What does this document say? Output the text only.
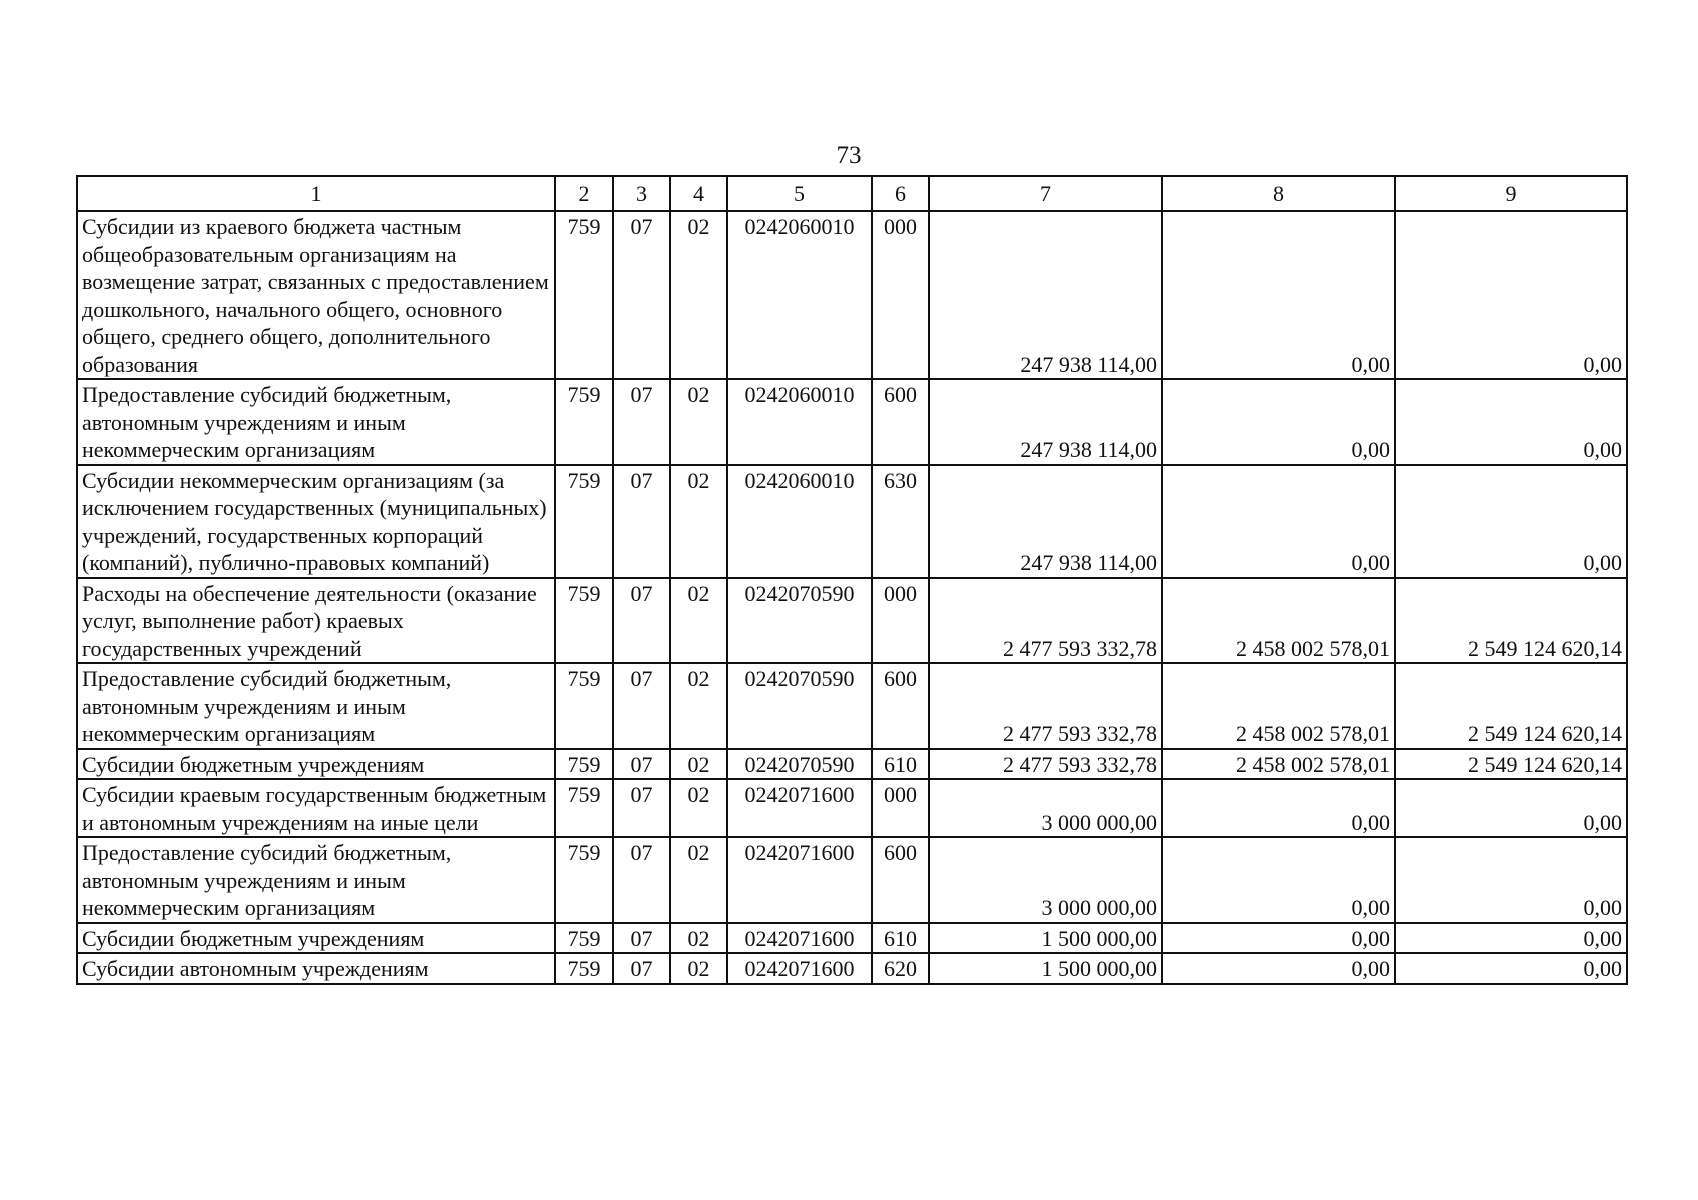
73
1	2	3	4	5	6	7	8	9
Субсидии из краевого бюджета частным общеобразовательным организациям на возмещение затрат, связанных с предоставлением дошкольного, начального общего, основного общего, среднего общего, дополнительного образования	759	07	02	0242060010	000	247 938 114,00	0,00	0,00
Предоставление субсидий бюджетным, автономным учреждениям и иным некоммерческим организациям	759	07	02	0242060010	600	247 938 114,00	0,00	0,00
Субсидии некоммерческим организациям (за исключением государственных (муниципальных) учреждений, государственных корпораций (компаний), публично-правовых компаний)	759	07	02	0242060010	630	247 938 114,00	0,00	0,00
Расходы на обеспечение деятельности (оказание услуг, выполнение работ) краевых государственных учреждений	759	07	02	0242070590	000	2 477 593 332,78	2 458 002 578,01	2 549 124 620,14
Предоставление субсидий бюджетным, автономным учреждениям и иным некоммерческим организациям	759	07	02	0242070590	600	2 477 593 332,78	2 458 002 578,01	2 549 124 620,14
Субсидии бюджетным учреждениям	759	07	02	0242070590	610	2 477 593 332,78	2 458 002 578,01	2 549 124 620,14
Субсидии краевым государственным бюджетным и автономным учреждениям на иные цели	759	07	02	0242071600	000	3 000 000,00	0,00	0,00
Предоставление субсидий бюджетным, автономным учреждениям и иным некоммерческим организациям	759	07	02	0242071600	600	3 000 000,00	0,00	0,00
Субсидии бюджетным учреждениям	759	07	02	0242071600	610	1 500 000,00	0,00	0,00
Субсидии автономным учреждениям	759	07	02	0242071600	620	1 500 000,00	0,00	0,00
